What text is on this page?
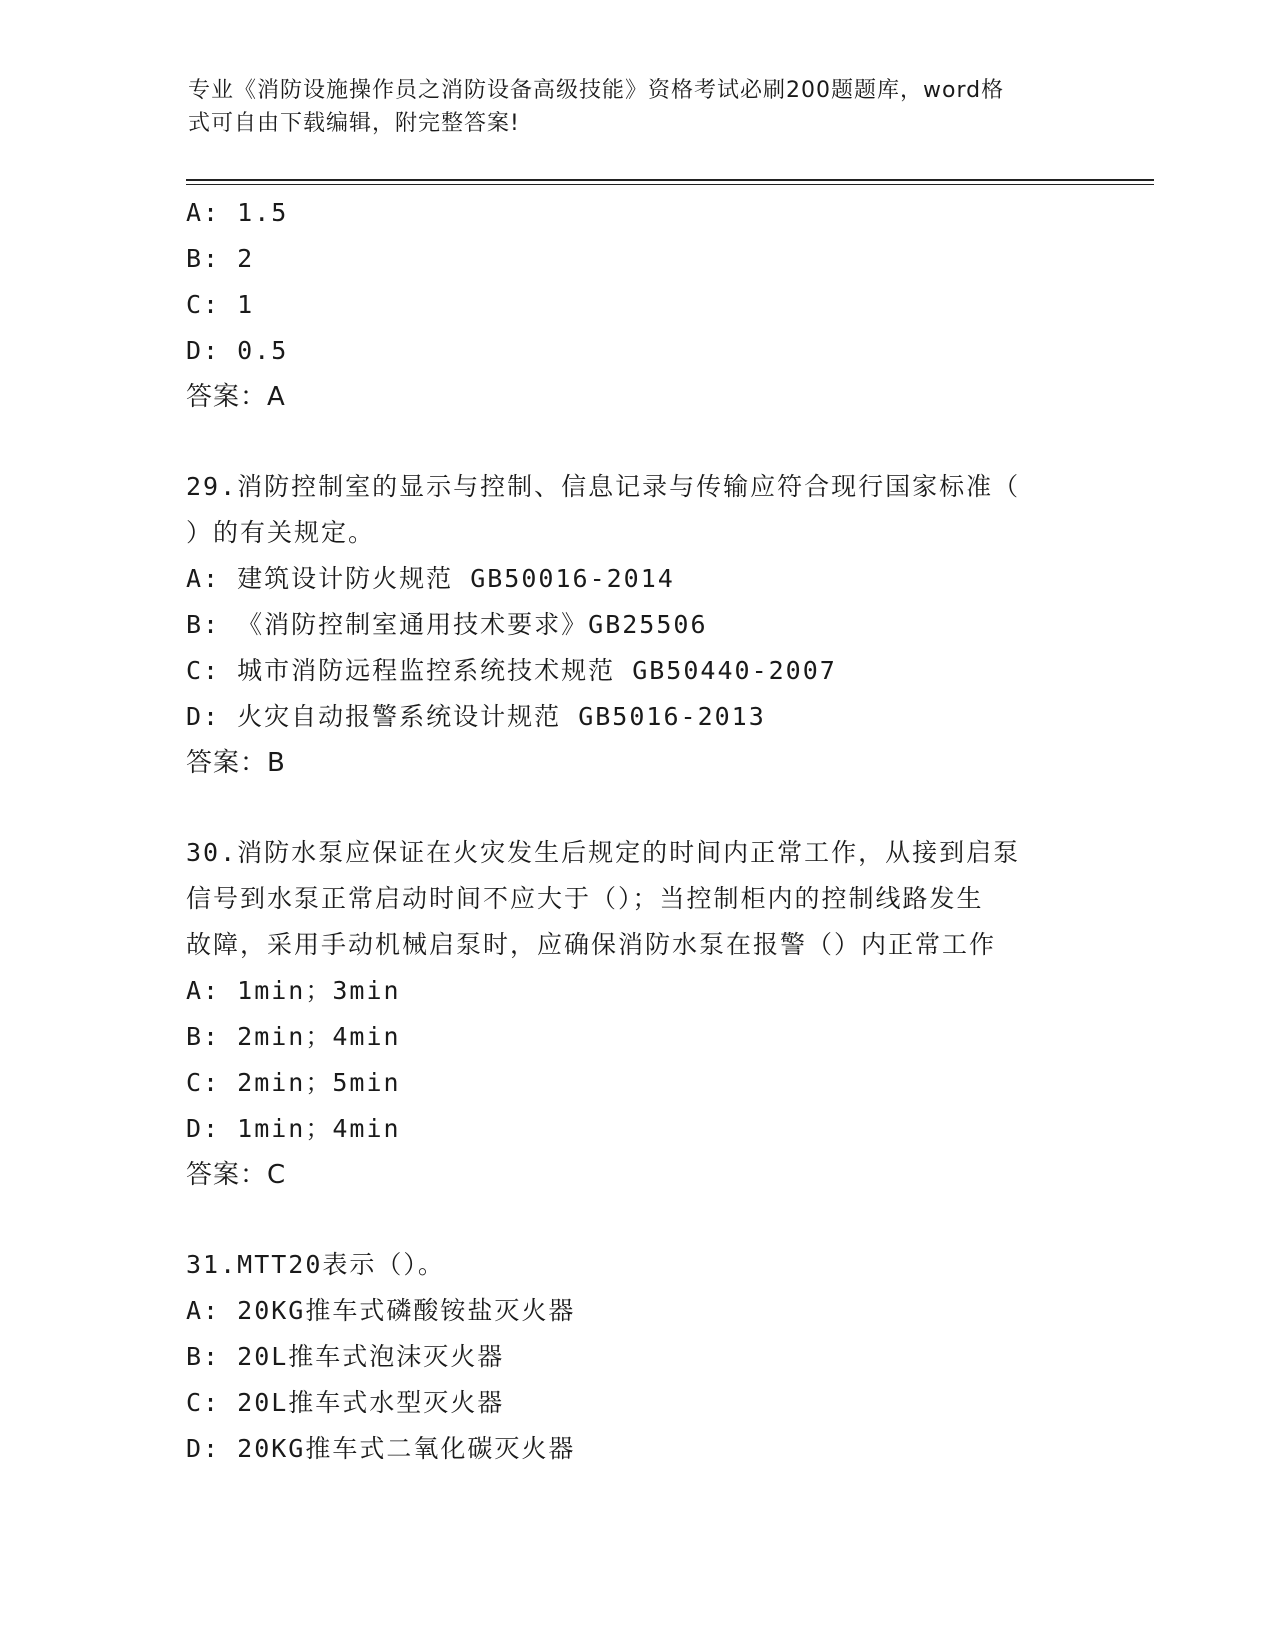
专业《消防设施操作员之消防设备高级技能》资格考试必刷200题题库，word格
式可自由下载编辑，附完整答案!
A: 1.5
B: 2
C: 1
D: 0.5
答案：A
29.消防控制室的显示与控制、信息记录与传输应符合现行国家标准（
）的有关规定。
A: 建筑设计防火规范 GB50016-2014
B: 《消防控制室通用技术要求》GB25506
C: 城市消防远程监控系统技术规范 GB50440-2007
D: 火灾自动报警系统设计规范 GB5016-2013
答案：B
30.消防水泵应保证在火灾发生后规定的时间内正常工作，从接到启泵
信号到水泵正常启动时间不应大于（）；当控制柜内的控制线路发生
故障，采用手动机械启泵时，应确保消防水泵在报警（）内正常工作
A: 1min；3min
B: 2min；4min
C: 2min；5min
D: 1min；4min
答案：C
31.MTT20表示（）。
A: 20KG推车式磷酸铵盐灭火器
B: 20L推车式泡沫灭火器
C: 20L推车式水型灭火器
D: 20KG推车式二氧化碳灭火器
